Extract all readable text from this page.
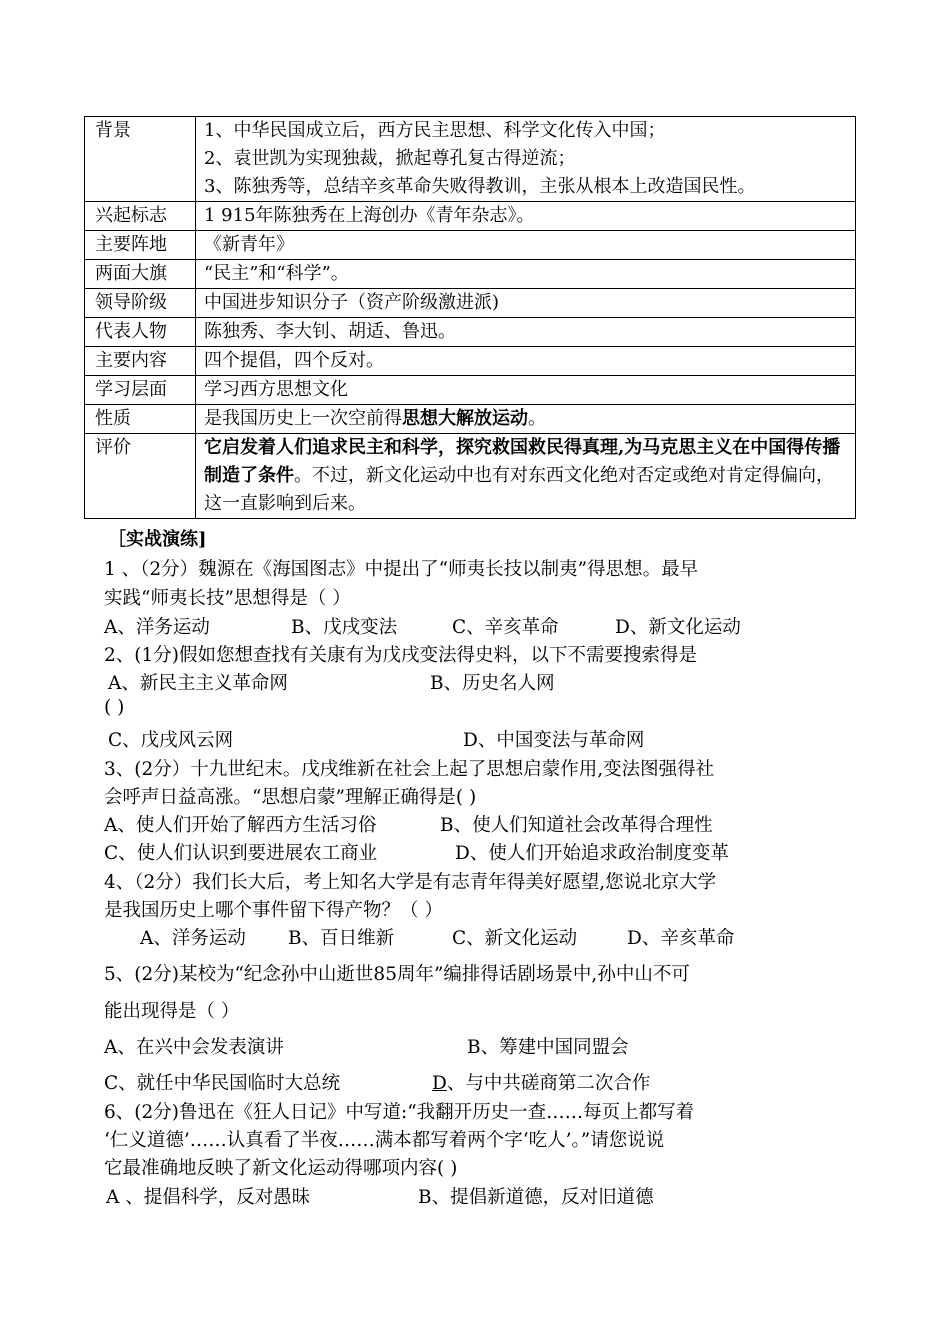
背景	1、中华民国成立后，西方民主思想、科学文化传入中国；

2、袁世凯为实现独裁，掀起尊孔复古得逆流；

3、陈独秀等，总结辛亥革命失败得教训，主张从根本上改造国民性。

兴起标志	1 915年陈独秀在上海创办《青年杂志》。
主要阵地	《新青年》
两面大旗	“民主”和“科学”。
领导阶级	中国进步知识分子（资产阶级激进派)
代表人物	陈独秀、李大钊、胡适、鲁迅。
主要内容	四个提倡，四个反对。
学习层面	学习西方思想文化
性质	是我国历史上一次空前得思想大解放运动。
评价	它启发着人们追求民主和科学，探究救国救民得真理,为马克思主义在中国得传播制造了条件。不过，新文化运动中也有对东西文化绝对否定或绝对肯定得偏向，这一直影响到后来。
［实战演练]
1 、（2分）魏源在《海国图志》中提出了“师夷长技以制夷”得思想。最早
实践“师夷长技”思想得是（ ）
A、洋务运动	B、戊戌变法	C、辛亥革命	D、新文化运动
2、(1分)假如您想查找有关康有为戊戌变法得史料，以下不需要搜索得是
A、新民主主义革命网	B、历史名人网
( )
C、戊戌风云网	D、中国变法与革命网
3、(2分）十九世纪末。戊戌维新在社会上起了思想启蒙作用,变法图强得社
会呼声日益高涨。“思想启蒙”理解正确得是( )
A、使人们开始了解西方生活习俗	B、使人们知道社会改革得合理性
C、使人们认识到要进展农工商业	D、使人们开始追求政治制度变革
4、（2分）我们长大后，考上知名大学是有志青年得美好愿望,您说北京大学
是我国历史上哪个事件留下得产物？（ ）
A、洋务运动 B、百日维新	C、新文化运动	D、辛亥革命
5、(2分)某校为“纪念孙中山逝世85周年”编排得话剧场景中,孙中山不可
能出现得是（ ）
A、在兴中会发表演讲	B、筹建中国同盟会
C、就任中华民国临时大总统	D、与中共磋商第二次合作
6、(2分)鲁迅在《狂人日记》中写道:“我翻开历史一查……每页上都写着
‘仁义道德’……认真看了半夜……满本都写着两个字‘吃人’。”请您说说
它最准确地反映了新文化运动得哪项内容( )
A 、提倡科学，反对愚昧	B、提倡新道德，反对旧道德
